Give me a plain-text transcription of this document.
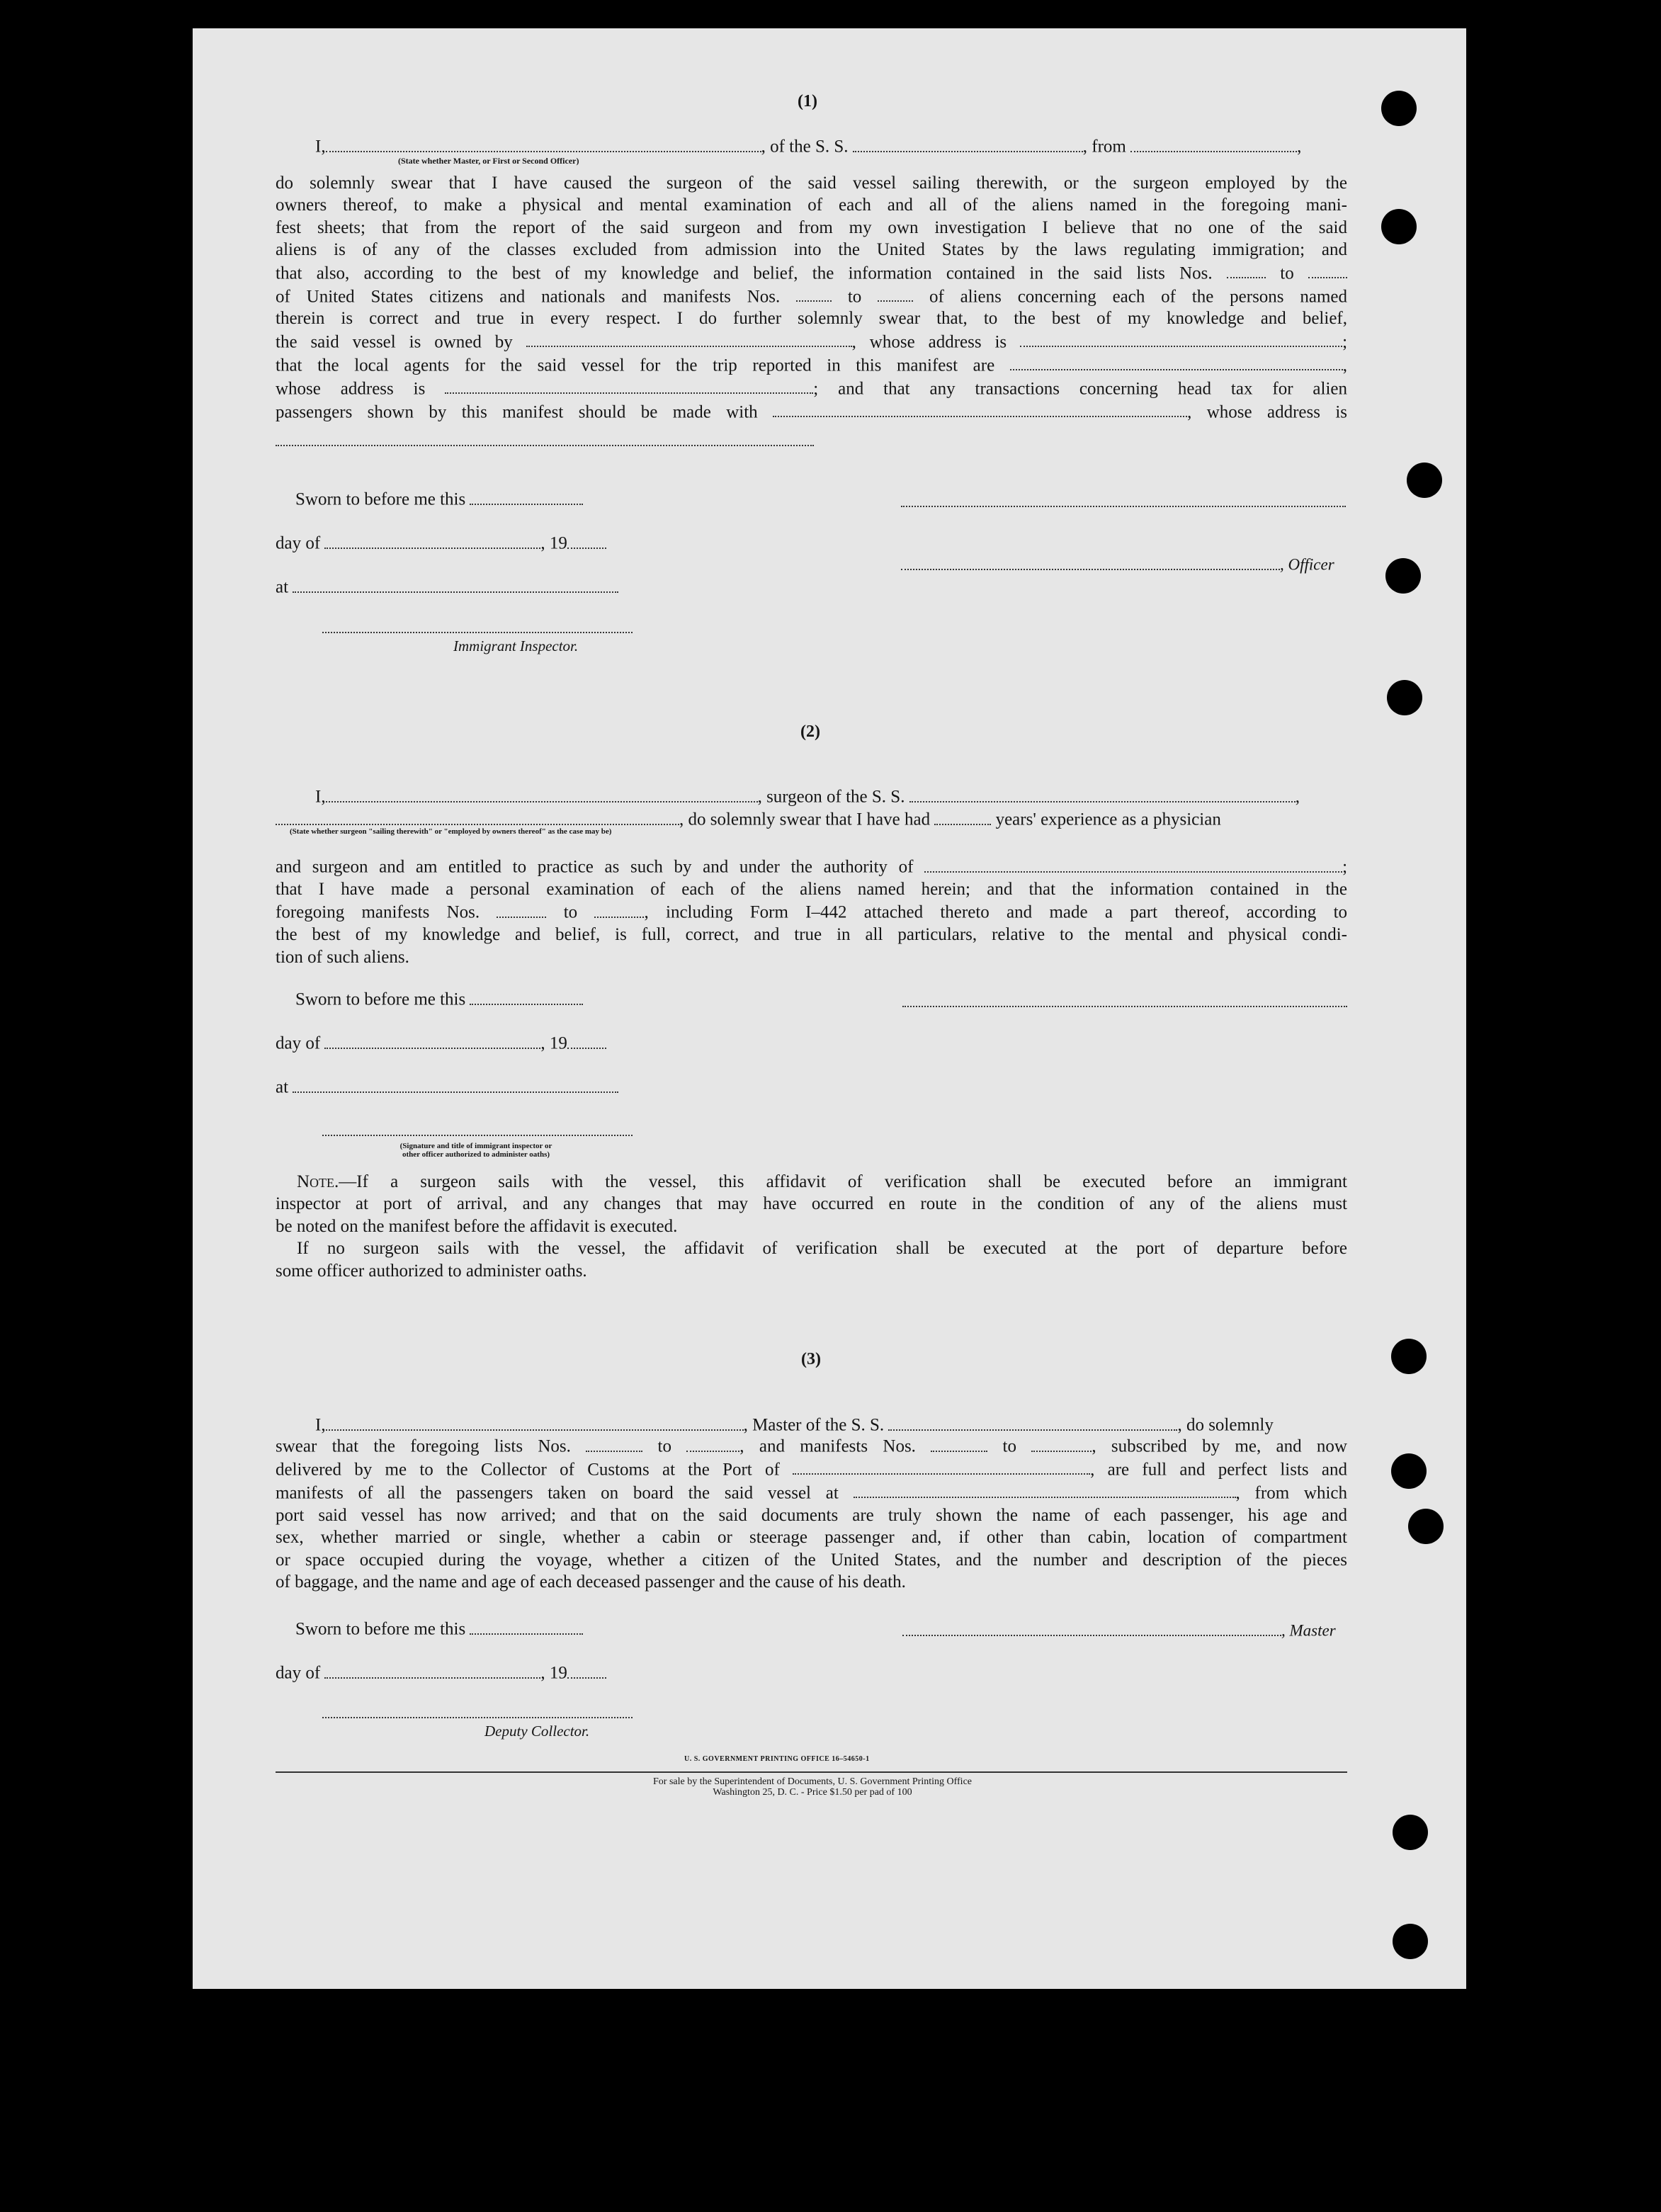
(1)
I,	, of the S. S.	, from	,
(State whether Master, or First or Second Officer)
do solemnly swear that I have caused the surgeon of the said vessel sailing therewith, or the surgeon employed by the
owners thereof, to make a physical and mental examination of each and all of the aliens named in the foregoing mani-
fest sheets; that from the report of the said surgeon and from my own investigation I believe that no one of the said
aliens is of any of the classes excluded from admission into the United States by the laws regulating immigration; and
that also, according to the best of my knowledge and belief, the information contained in the said lists Nos.	to
of United States citizens and nationals and manifests Nos.	to	of aliens concerning each of the persons named
therein is correct and true in every respect. I do further solemnly swear that, to the best of my knowledge and belief,
the said vessel is owned by	, whose address is	;
that the local agents for the said vessel for the trip reported in this manifest are	,
whose address is	; and that any transactions concerning head tax for alien
passengers shown by this manifest should be made with	, whose address is
Sworn to before me this
day of	, 19
, Officer
at
Immigrant Inspector.
(2)
I,	, surgeon of the S. S.	,
, do solemnly swear that I have had	years' experience as a physician
(State whether surgeon "sailing therewith" or "employed by owners thereof" as the case may be)
and surgeon and am entitled to practice as such by and under the authority of	;
that I have made a personal examination of each of the aliens named herein; and that the information contained in the
foregoing manifests Nos.	to	, including Form I–442 attached thereto and made a part thereof, according to
the best of my knowledge and belief, is full, correct, and true in all particulars, relative to the mental and physical condi-
tion of such aliens.
Sworn to before me this
day of	, 19
at
(Signature and title of immigrant inspector or
other officer authorized to administer oaths)
Note.—If a surgeon sails with the vessel, this affidavit of verification shall be executed before an immigrant
inspector at port of arrival, and any changes that may have occurred en route in the condition of any of the aliens must
be noted on the manifest before the affidavit is executed.
If no surgeon sails with the vessel, the affidavit of verification shall be executed at the port of departure before
some officer authorized to administer oaths.
(3)
I,	, Master of the S. S.	, do solemnly
swear that the foregoing lists Nos.	to	, and manifests Nos.	to	, subscribed by me, and now
delivered by me to the Collector of Customs at the Port of	, are full and perfect lists and
manifests of all the passengers taken on board the said vessel at	, from which
port said vessel has now arrived; and that on the said documents are truly shown the name of each passenger, his age and
sex, whether married or single, whether a cabin or steerage passenger and, if other than cabin, location of compartment
or space occupied during the voyage, whether a citizen of the United States, and the number and description of the pieces
of baggage, and the name and age of each deceased passenger and the cause of his death.
Sworn to before me this	, Master
day of	, 19
Deputy Collector.
U. S. GOVERNMENT PRINTING OFFICE 16–54650-1
For sale by the Superintendent of Documents, U. S. Government Printing Office
Washington 25, D. C. - Price $1.50 per pad of 100
